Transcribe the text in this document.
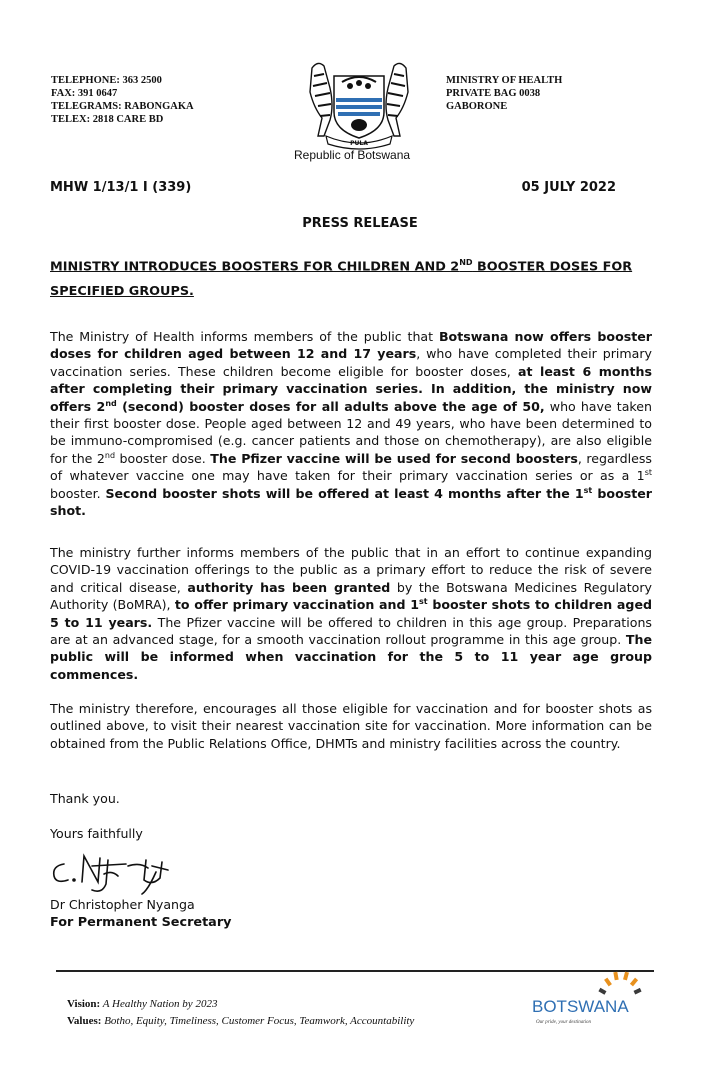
TELEPHONE: 363 2500
FAX: 391 0647
TELEGRAMS: RABONGAKA
TELEX: 2818 CARE BD
PULA
Republic of Botswana
MINISTRY OF HEALTH
PRIVATE BAG 0038
GABORONE
MHW 1/13/1 I (339)	05 JULY 2022
PRESS RELEASE
MINISTRY INTRODUCES BOOSTERS FOR CHILDREN AND 2ND BOOSTER DOSES FOR SPECIFIED GROUPS.
The Ministry of Health informs members of the public that Botswana now offers booster doses for children aged between 12 and 17 years, who have completed their primary vaccination series. These children become eligible for booster doses, at least 6 months after completing their primary vaccination series. In addition, the ministry now offers 2nd (second) booster doses for all adults above the age of 50, who have taken their first booster dose. People aged between 12 and 49 years, who have been determined to be immuno-compromised (e.g. cancer patients and those on chemotherapy), are also eligible for the 2nd booster dose. The Pfizer vaccine will be used for second boosters, regardless of whatever vaccine one may have taken for their primary vaccination series or as a 1st booster. Second booster shots will be offered at least 4 months after the 1st booster shot.
The ministry further informs members of the public that in an effort to continue expanding COVID-19 vaccination offerings to the public as a primary effort to reduce the risk of severe and critical disease, authority has been granted by the Botswana Medicines Regulatory Authority (BoMRA), to offer primary vaccination and 1st booster shots to children aged 5 to 11 years. The Pfizer vaccine will be offered to children in this age group. Preparations are at an advanced stage, for a smooth vaccination rollout programme in this age group. The public will be informed when vaccination for the 5 to 11 year age group commences.
The ministry therefore, encourages all those eligible for vaccination and for booster shots as outlined above, to visit their nearest vaccination site for vaccination. More information can be obtained from the Public Relations Office, DHMTs and ministry facilities across the country.
Thank you.
Yours faithfully
Dr Christopher Nyanga
For Permanent Secretary
Vision: A Healthy Nation by 2023
Values: Botho, Equity, Timeliness, Customer Focus, Teamwork, Accountability
BOTSWANA
Our pride, your destination
